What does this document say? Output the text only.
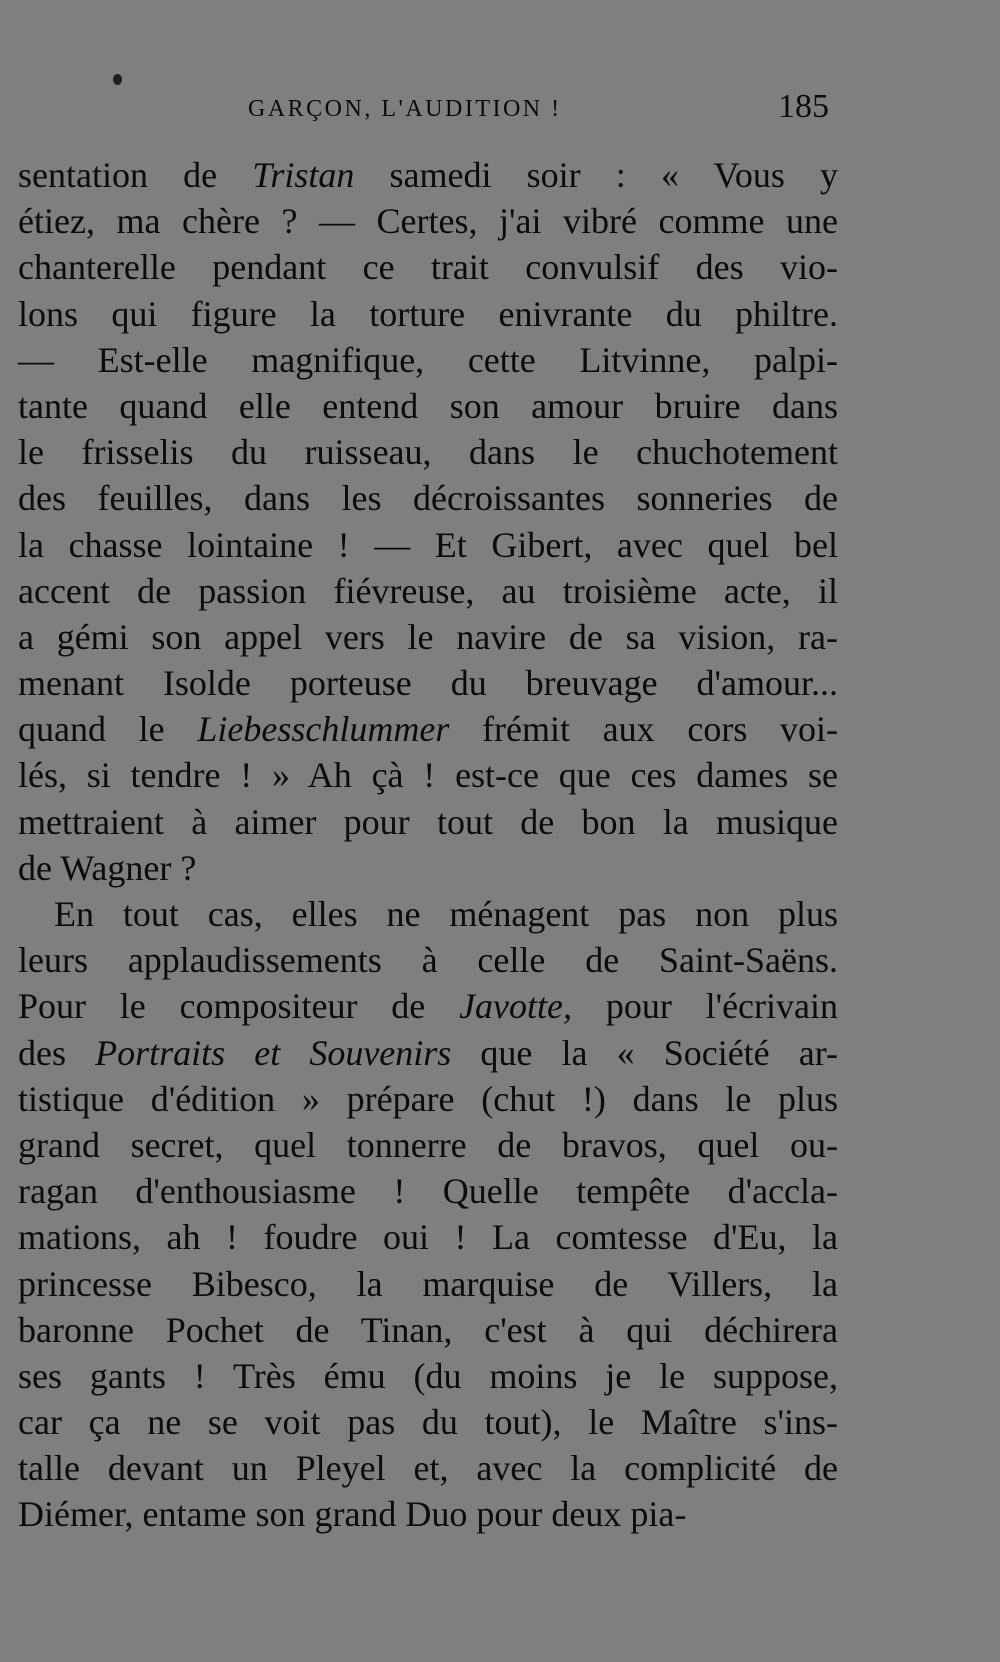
GARÇON, L'AUDITION !	185
sentation de Tristan samedi soir : « Vous y
étiez, ma chère ? — Certes, j'ai vibré comme une
chanterelle pendant ce trait convulsif des vio-
lons qui figure la torture enivrante du philtre.
— Est-elle magnifique, cette Litvinne, palpi-
tante quand elle entend son amour bruire dans
le frisselis du ruisseau, dans le chuchotement
des feuilles, dans les décroissantes sonneries de
la chasse lointaine ! — Et Gibert, avec quel bel
accent de passion fiévreuse, au troisième acte, il
a gémi son appel vers le navire de sa vision, ra-
menant Isolde porteuse du breuvage d'amour...
quand le Liebesschlummer frémit aux cors voi-
lés, si tendre ! » Ah çà ! est-ce que ces dames se
mettraient à aimer pour tout de bon la musique
de Wagner ?
En tout cas, elles ne ménagent pas non plus
leurs applaudissements à celle de Saint-Saëns.
Pour le compositeur de Javotte, pour l'écrivain
des Portraits et Souvenirs que la « Société ar-
tistique d'édition » prépare (chut !) dans le plus
grand secret, quel tonnerre de bravos, quel ou-
ragan d'enthousiasme ! Quelle tempête d'accla-
mations, ah ! foudre oui ! La comtesse d'Eu, la
princesse Bibesco, la marquise de Villers, la
baronne Pochet de Tinan, c'est à qui déchirera
ses gants ! Très ému (du moins je le suppose,
car ça ne se voit pas du tout), le Maître s'ins-
talle devant un Pleyel et, avec la complicité de
Diémer, entame son grand Duo pour deux pia-
